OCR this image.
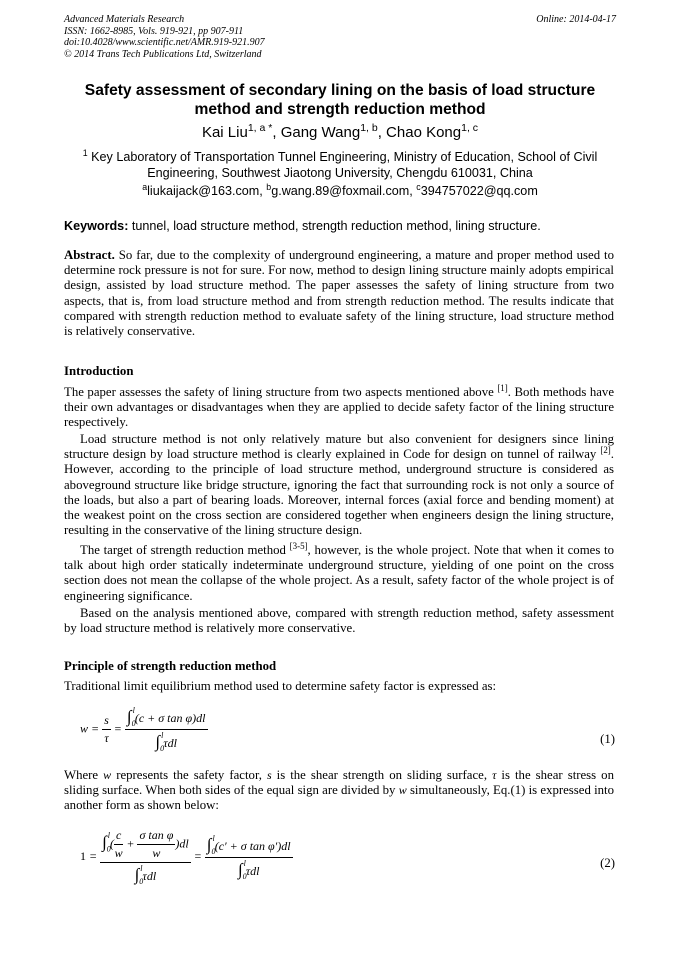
Advanced Materials Research
ISSN: 1662-8985, Vols. 919-921, pp 907-911
doi:10.4028/www.scientific.net/AMR.919-921.907
© 2014 Trans Tech Publications Ltd, Switzerland
Online: 2014-04-17
Safety assessment of secondary lining on the basis of load structure
method and strength reduction method
Kai Liu$^{1, a *}$, Gang Wang$^{1, b}$, Chao Kong$^{1, c}$
$^1$ Key Laboratory of Transportation Tunnel Engineering, Ministry of Education, School of Civil
Engineering, Southwest Jiaotong University, Chengdu 610031, China
$^a$liukaijack@163.com, $^b$g.wang.89@foxmail.com, $^c$394757022@qq.com
Keywords: tunnel, load structure method, strength reduction method, lining structure.
Abstract. So far, due to the complexity of underground engineering, a mature and proper method used to determine rock pressure is not for sure. For now, method to design lining structure mainly adopts empirical design, assisted by load structure method. The paper assesses the safety of lining structure from two aspects, that is, from load structure method and from strength reduction method. The results indicate that compared with strength reduction method to evaluate safety of the lining structure, load structure method is relatively conservative.
Introduction
The paper assesses the safety of lining structure from two aspects mentioned above [1]. Both methods have their own advantages or disadvantages when they are applied to decide safety factor of the lining structure respectively.
Load structure method is not only relatively mature but also convenient for designers since lining structure design by load structure method is clearly explained in Code for design on tunnel of railway [2]. However, according to the principle of load structure method, underground structure is considered as aboveground structure like bridge structure, ignoring the fact that surrounding rock is not only a source of the loads, but also a part of bearing loads. Moreover, internal forces (axial force and bending moment) at the weakest point on the cross section are considered together when engineers design the lining structure, resulting in the conservative of the lining structure design.
The target of strength reduction method [3-5], however, is the whole project. Note that when it comes to talk about high order statically indeterminate underground structure, yielding of one point on the cross section does not mean the collapse of the whole project. As a result, safety factor of the whole project is of engineering significance.
Based on the analysis mentioned above, compared with strength reduction method, safety assessment by load structure method is relatively more conservative.
Principle of strength reduction method
Traditional limit equilibrium method used to determine safety factor is expressed as:
$w = \frac{s}{\tau} = \frac{\int_0^l(c + \sigma \tan \varphi)dl}{\int_0^l\tau dl}$	(1)
Where w represents the safety factor, s is the shear strength on sliding surface, τ is the shear stress on sliding surface. When both sides of the equal sign are divided by w simultaneously, Eq.(1) is expressed into another form as shown below:
$1 = \frac{\int_0^l( \frac{c}{w} + \frac{\text{σ tan φ}}{w} )dl}{\int_0^l\tau dl} = \frac{\int_0^l(c' + \sigma \tan \varphi')dl}{\int_0^l\tau dl}$	(2)
